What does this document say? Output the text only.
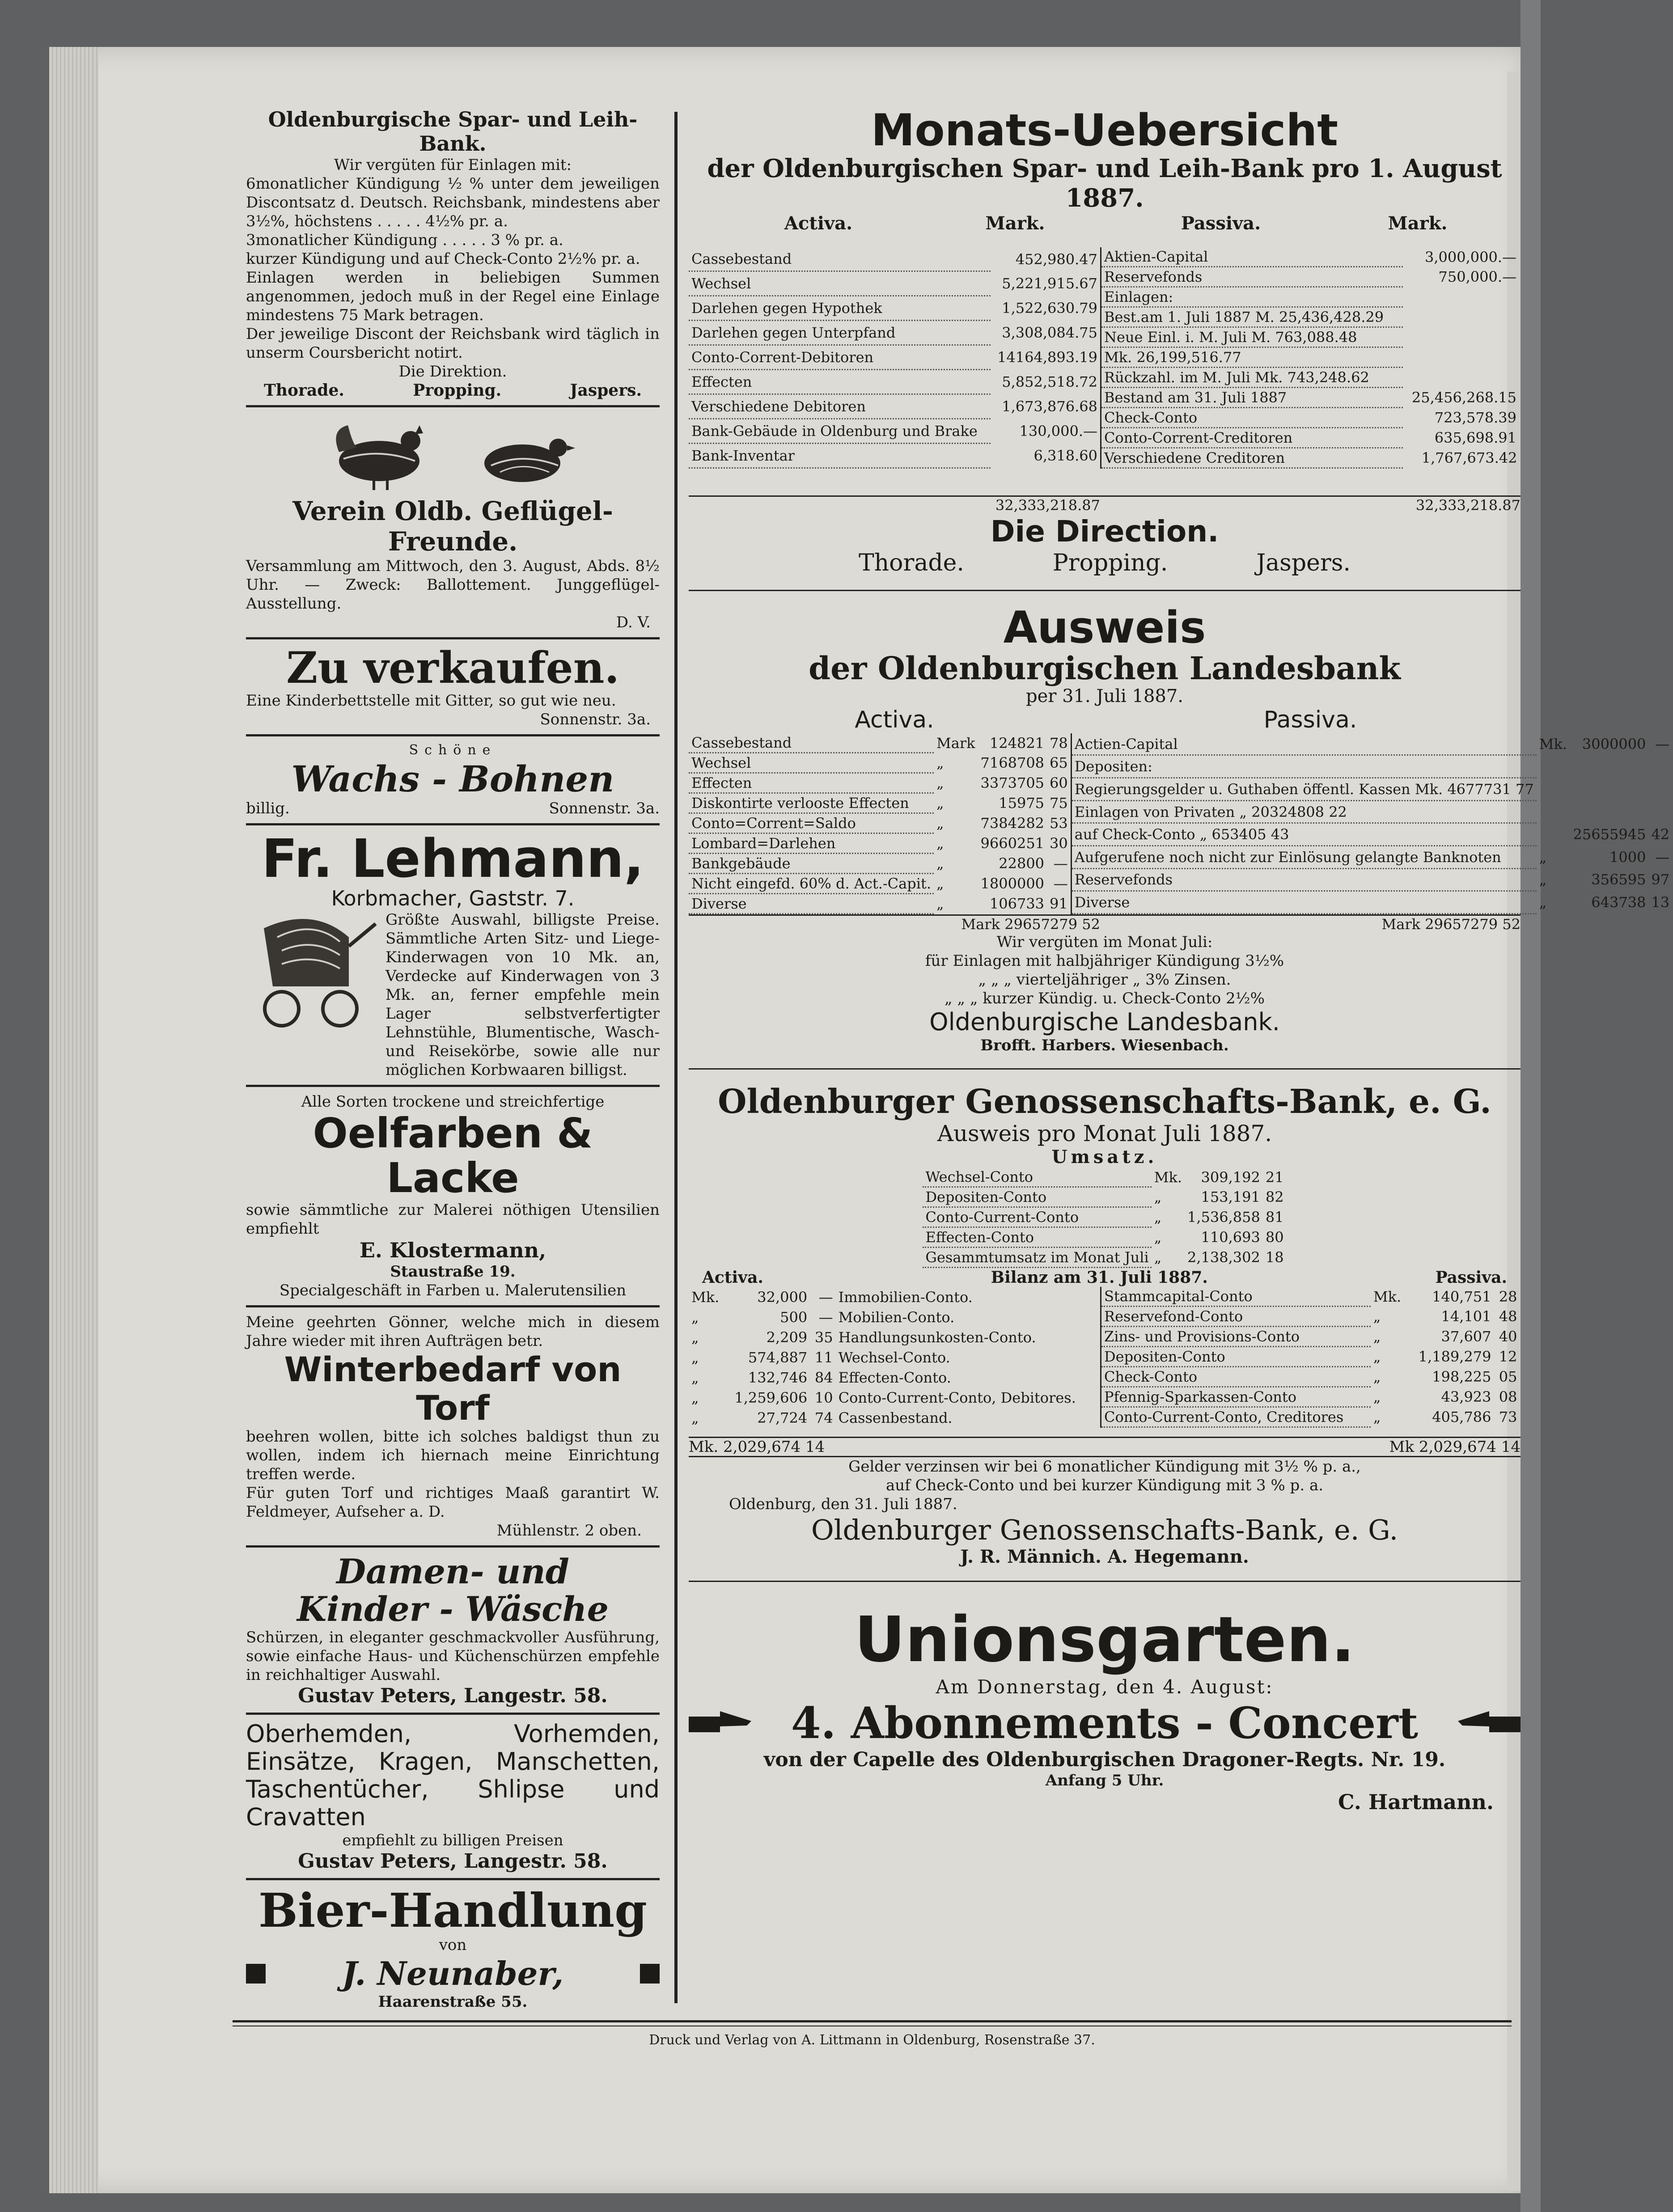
Oldenburgische Spar- und Leih-Bank.

Wir vergüten für Einlagen mit:

6monatlicher Kündigung ½ % unter dem jeweiligen Discontsatz d. Deutsch. Reichsbank, mindestens aber 3½%, höchstens . . . . . 4½% pr. a.

3monatlicher Kündigung . . . . . 3 % pr. a.

kurzer Kündigung und auf Check-Conto 2½% pr. a.

Einlagen werden in beliebigen Summen angenommen, jedoch muß in der Regel eine Einlage mindestens 75 Mark betragen.

Der jeweilige Discont der Reichsbank wird täglich in unserm Coursbericht notirt.

Die Direktion.

Thorade.	Propping.	Jaspers.

Verein Oldb. Geflügel-Freunde.

Versammlung am Mittwoch, den 3. August, Abds. 8½ Uhr. — Zweck: Ballottement. Junggeflügel-Ausstellung.

D. V.

Zu verkaufen.

Eine Kinderbettstelle mit Gitter, so gut wie neu.

Sonnenstr. 3a.

Schöne

Wachs - Bohnen

billig.	Sonnenstr. 3a.

Fr. Lehmann,

Korbmacher, Gaststr. 7.

Größte Auswahl, billigste Preise. Sämmtliche Arten Sitz- und Liege-Kinderwagen von 10 Mk. an, Verdecke auf Kinderwagen von 3 Mk. an, ferner empfehle mein Lager selbstverfertigter Lehnstühle, Blumentische, Wasch- und Reisekörbe, sowie alle nur möglichen Korbwaaren billigst.

Alle Sorten trockene und streichfertige

Oelfarben & Lacke

sowie sämmtliche zur Malerei nöthigen Utensilien empfiehlt

E. Klostermann,

Staustraße 19.

Specialgeschäft in Farben u. Malerutensilien

Meine geehrten Gönner, welche mich in diesem Jahre wieder mit ihren Aufträgen betr.

Winterbedarf von Torf

beehren wollen, bitte ich solches baldigst thun zu wollen, indem ich hiernach meine Einrichtung treffen werde.

Für guten Torf und richtiges Maaß garantirt W. Feldmeyer, Aufseher a. D.

Mühlenstr. 2 oben.

Damen- und

Kinder - Wäsche

Schürzen, in eleganter geschmackvoller Ausführung, sowie einfache Haus- und Küchenschürzen empfehle in reichhaltiger Auswahl.

Gustav Peters, Langestr. 58.

Oberhemden, Vorhemden, Einsätze, Kragen, Manschetten, Taschentücher, Shlipse und Cravatten

empfiehlt zu billigen Preisen

Gustav Peters, Langestr. 58.

Bier-Handlung

von

J. Neunaber,

Haarenstraße 55.

Monats-Uebersicht

der Oldenburgischen Spar- und Leih-Bank pro 1. August 1887.

Activa.	Mark.	Passiva.	Mark.
Cassebestand	452,980.47
Wechsel	5,221,915.67
Darlehen gegen Hypothek	1,522,630.79
Darlehen gegen Unterpfand	3,308,084.75
Conto-Corrent-Debitoren	14164,893.19
Effecten	5,852,518.72
Verschiedene Debitoren	1,673,876.68
Bank-Gebäude in Oldenburg und Brake	130,000.—
Bank-Inventar	6,318.60
Aktien-Capital	3,000,000.—
Reservefonds	750,000.—
Einlagen:	
Best.am 1. Juli 1887 M. 25,436,428.29	
Neue Einl. i. M. Juli M. 763,088.48	
Mk. 26,199,516.77	
Rückzahl. im M. Juli Mk. 743,248.62	
Bestand am 31. Juli 1887	25,456,268.15
Check-Conto	723,578.39
Conto-Corrent-Creditoren	635,698.91
Verschiedene Creditoren	1,767,673.42
32,333,218.87	32,333,218.87

Die Direction.

Thorade.	Propping.	Jaspers.

Ausweis

der Oldenburgischen Landesbank

per 31. Juli 1887.

Activa.	Passiva.
Cassebestand	Mark	124821	78
Wechsel	„	7168708	65
Effecten	„	3373705	60
Diskontirte verlooste Effecten	„	15975	75
Conto=Corrent=Saldo	„	7384282	53
Lombard=Darlehen	„	9660251	30
Bankgebäude	„	22800	—
Nicht eingefd. 60% d. Act.-Capit.	„	1800000	—
Diverse	„	106733	91
Actien-Capital	Mk.	3000000	—
Depositen:			
Regierungsgelder u. Guthaben öffentl. Kassen Mk. 4677731 77			
Einlagen von Privaten „ 20324808 22			
auf Check-Conto „ 653405 43		25655945	42
Aufgerufene noch nicht zur Einlösung gelangte Banknoten	„	1000	—
Reservefonds	„	356595	97
Diverse	„	643738	13
Mark 29657279 52	Mark 29657279 52

Wir vergüten im Monat Juli:

für Einlagen mit halbjähriger Kündigung 3½%

„ „ „ vierteljähriger „ 3% Zinsen.

„ „ „ kurzer Kündig. u. Check-Conto 2½%

Oldenburgische Landesbank.

Brofft. Harbers. Wiesenbach.

Oldenburger Genossenschafts-Bank, e. G.

Ausweis pro Monat Juli 1887.

Umsatz.

Wechsel-Conto	Mk.	309,192	21
Depositen-Conto	„	153,191	82
Conto-Current-Conto	„	1,536,858	81
Effecten-Conto	„	110,693	80
Gesammtumsatz im Monat Juli	„	2,138,302	18
Activa.	Bilanz am 31. Juli 1887.	Passiva.
Mk.	32,000	—	Immobilien-Conto.
„	500	—	Mobilien-Conto.
„	2,209	35	Handlungsunkosten-Conto.
„	574,887	11	Wechsel-Conto.
„	132,746	84	Effecten-Conto.
„	1,259,606	10	Conto-Current-Conto, Debitores.
„	27,724	74	Cassenbestand.
Stammcapital-Conto	Mk.	140,751	28
Reservefond-Conto	„	14,101	48
Zins- und Provisions-Conto	„	37,607	40
Depositen-Conto	„	1,189,279	12
Check-Conto	„	198,225	05
Pfennig-Sparkassen-Conto	„	43,923	08
Conto-Current-Conto, Creditores	„	405,786	73
Mk. 2,029,674 14	Mk 2,029,674 14

Gelder verzinsen wir bei 6 monatlicher Kündigung mit 3½ % p. a.,

auf Check-Conto und bei kurzer Kündigung mit 3 % p. a.

Oldenburg, den 31. Juli 1887.

Oldenburger Genossenschafts-Bank, e. G.

J. R. Männich. A. Hegemann.

Unionsgarten.

Am Donnerstag, den 4. August:

4. Abonnements - Concert

von der Capelle des Oldenburgischen Dragoner-Regts. Nr. 19.

Anfang 5 Uhr.

C. Hartmann.

Druck und Verlag von A. Littmann in Oldenburg, Rosenstraße 37.
